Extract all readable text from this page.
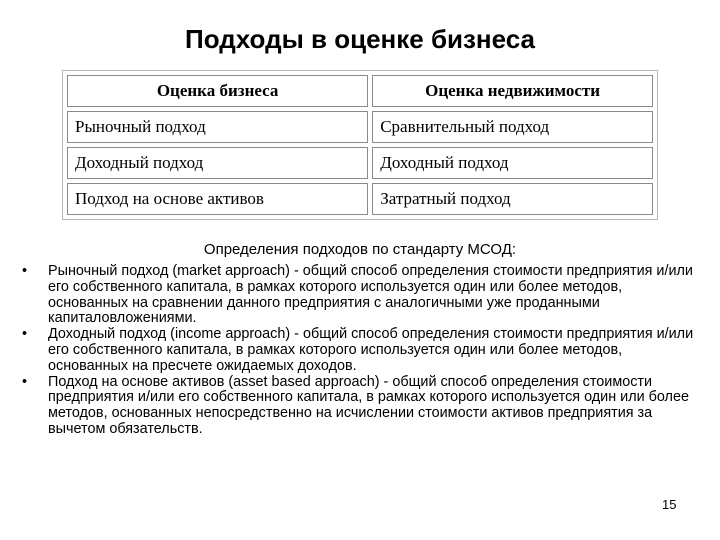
Подходы в оценке бизнеса
Оценка бизнеса	Оценка недвижимости
Рыночный подход	Сравнительный подход
Доходный подход	Доходный подход
Подход на основе активов	Затратный подход
Определения подходов по стандарту МСОД:
• Рыночный подход (market approach) - общий способ определения стоимости предприятия и/или его собственного капитала, в рамках которого используется один или более методов, основанных на сравнении данного предприятия с аналогичными уже проданными капиталовложениями.
• Доходный подход (income approach) - общий способ определения стоимости предприятия и/или его собственного капитала, в рамках которого используется один или более методов, основанных на пресчете ожидаемых доходов.
• Подход на основе активов (asset based approach) - общий способ определения стоимости предприятия и/или его собственного капитала, в рамках которого используется один или более методов, основанных непосредственно на исчислении стоимости активов предприятия за вычетом обязательств.
15
